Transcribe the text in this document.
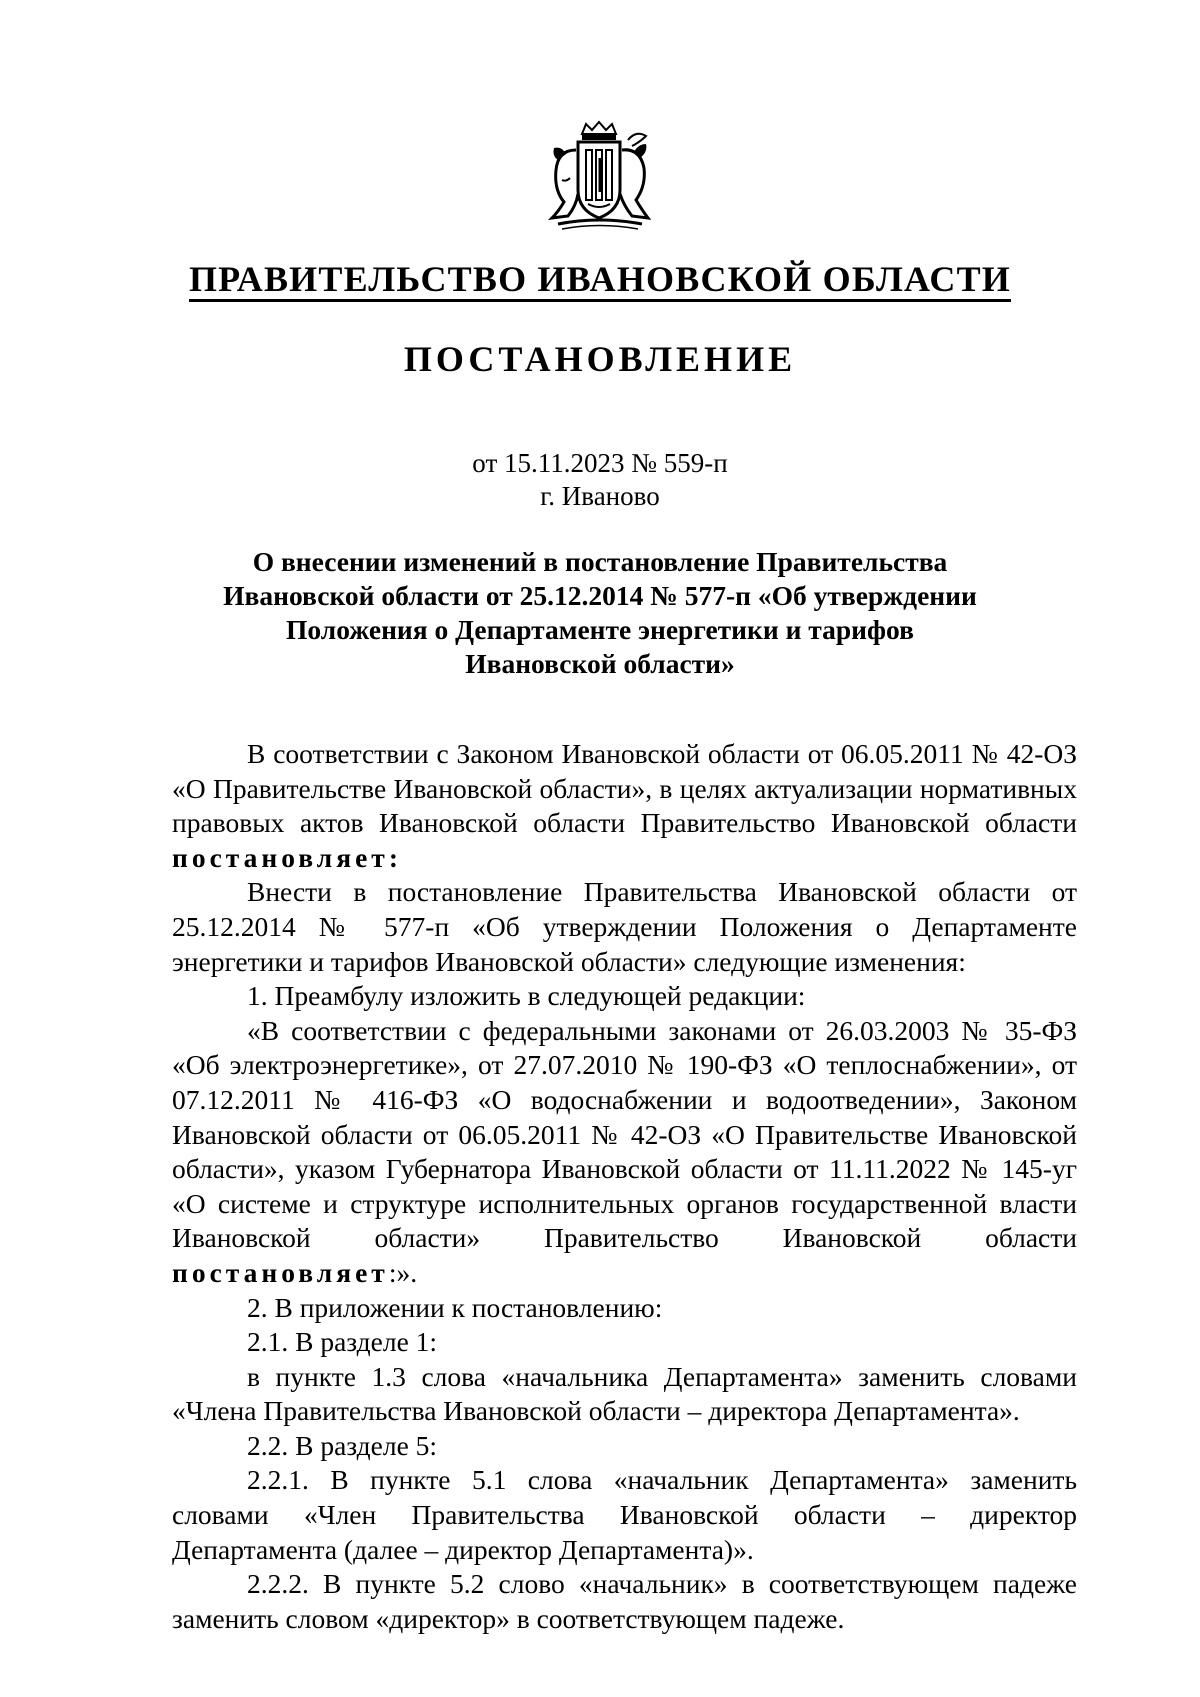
ПРАВИТЕЛЬСТВО ИВАНОВСКОЙ ОБЛАСТИ
ПОСТАНОВЛЕНИЕ
от 15.11.2023 № 559-п
г. Иваново
О внесении изменений в постановление Правительства
Ивановской области от 25.12.2014 № 577-п «Об утверждении
Положения о Департаменте энергетики и тарифов
Ивановской области»

В соответствии с Законом Ивановской области от 06.05.2011 № 42-ОЗ «О Правительстве Ивановской области», в целях актуализации нормативных правовых актов Ивановской области Правительство Ивановской области постановляет:

Внести в постановление Правительства Ивановской области от 25.12.2014 № 577-п «Об утверждении Положения о Департаменте энергетики и тарифов Ивановской области» следующие изменения:

1. Преамбулу изложить в следующей редакции:

«В соответствии с федеральными законами от 26.03.2003 № 35-ФЗ «Об электроэнергетике», от 27.07.2010 № 190-ФЗ «О теплоснабжении», от 07.12.2011 № 416-ФЗ «О водоснабжении и водоотведении», Законом Ивановской области от 06.05.2011 № 42-ОЗ «О Правительстве Ивановской области», указом Губернатора Ивановской области от 11.11.2022 № 145-уг «О системе и структуре исполнительных органов государственной власти Ивановской области» Правительство Ивановской области постановляет:».

2. В приложении к постановлению:

2.1. В разделе 1:

в пункте 1.3 слова «начальника Департамента» заменить словами «Члена Правительства Ивановской области – директора Департамента».

2.2. В разделе 5:

2.2.1. В пункте 5.1 слова «начальник Департамента» заменить словами «Член Правительства Ивановской области – директор Департамента (далее – директор Департамента)».

2.2.2. В пункте 5.2 слово «начальник» в соответствующем падеже заменить словом «директор» в соответствующем падеже.
